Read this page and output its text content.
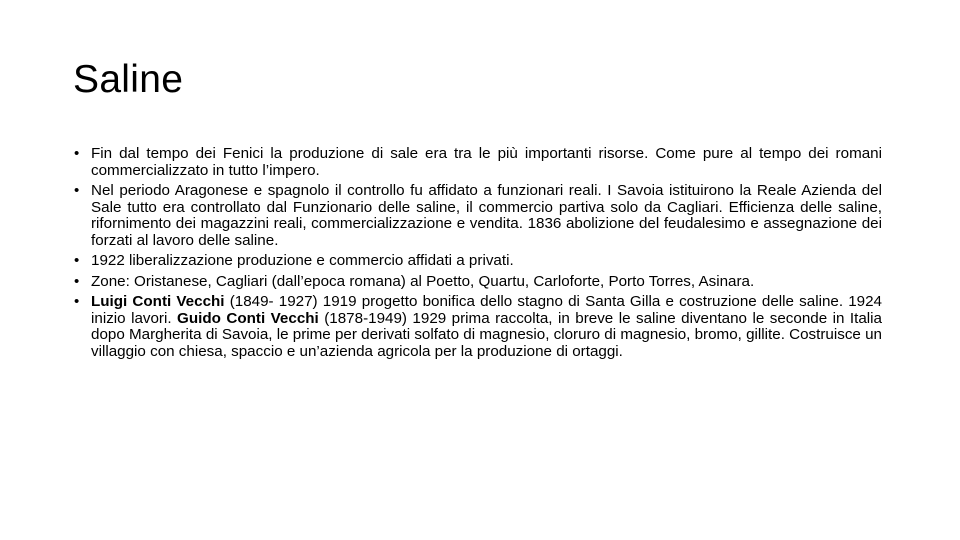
Saline
• Fin dal tempo dei Fenici la produzione di sale era tra le più importanti risorse. Come pure al tempo dei romani commercializzato in tutto l’impero.
• Nel periodo Aragonese e spagnolo il controllo fu affidato a funzionari reali. I Savoia istituirono la Reale Azienda del Sale tutto era controllato dal Funzionario delle saline, il commercio partiva solo da Cagliari. Efficienza delle saline, rifornimento dei magazzini reali, commercializzazione e vendita. 1836 abolizione del feudalesimo e assegnazione dei forzati al lavoro delle saline.
• 1922 liberalizzazione produzione e commercio affidati a privati.
• Zone: Oristanese, Cagliari (dall’epoca romana) al Poetto, Quartu, Carloforte, Porto Torres, Asinara.
• Luigi Conti Vecchi (1849- 1927) 1919 progetto bonifica dello stagno di Santa Gilla e costruzione delle saline. 1924 inizio lavori. Guido Conti Vecchi (1878-1949) 1929 prima raccolta, in breve le saline diventano le seconde in Italia dopo Margherita di Savoia, le prime per derivati solfato di magnesio, cloruro di magnesio, bromo, gillite. Costruisce un villaggio con chiesa, spaccio e un’azienda agricola per la produzione di ortaggi.
